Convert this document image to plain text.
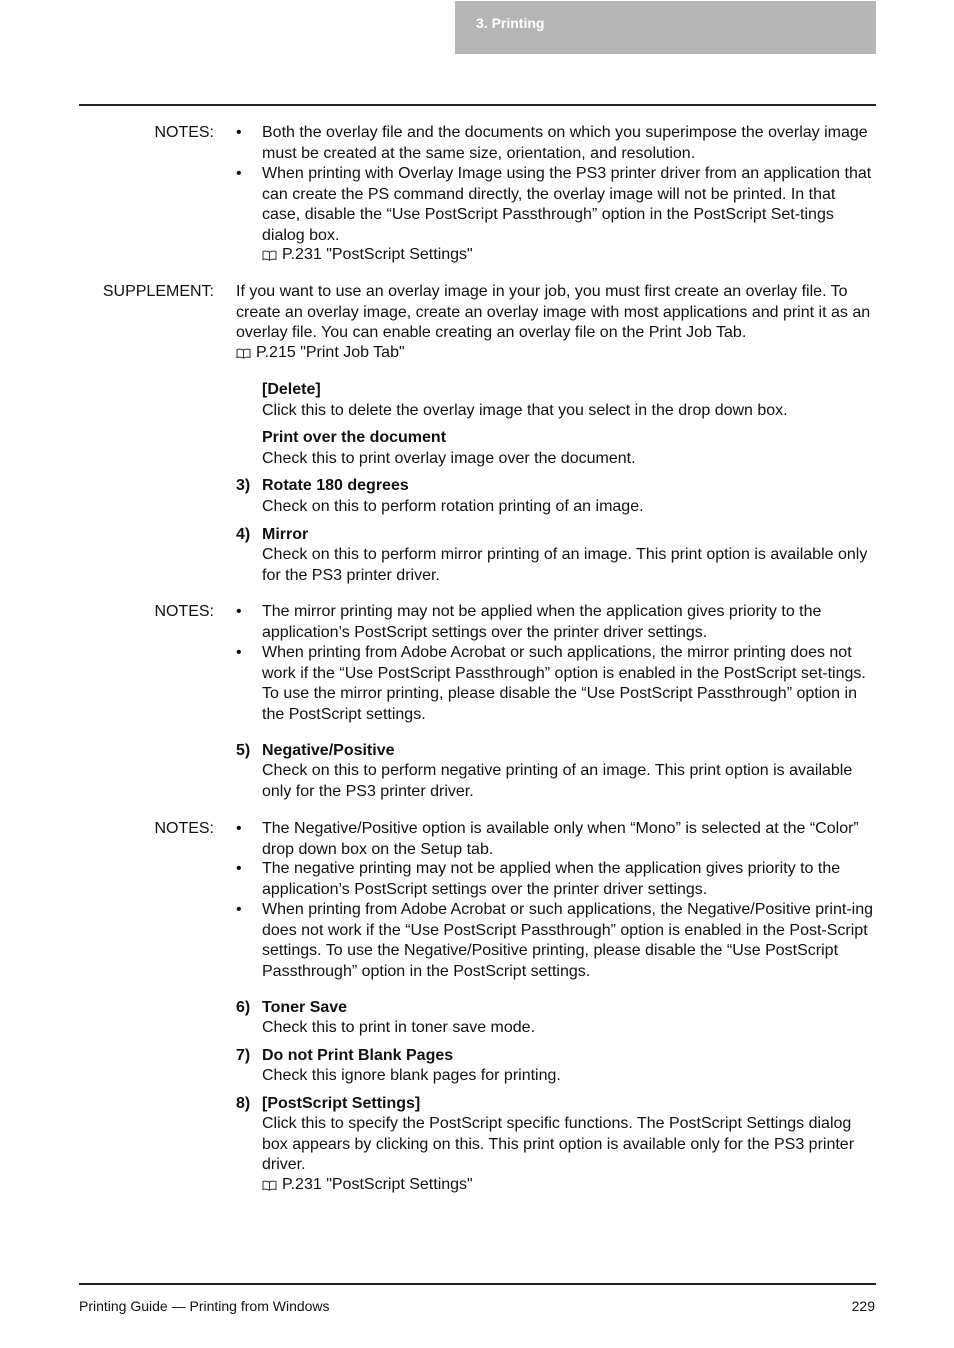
3. Printing
NOTES: • Both the overlay file and the documents on which you superimpose the overlay image must be created at the same size, orientation, and resolution.
• When printing with Overlay Image using the PS3 printer driver from an application that can create the PS command directly, the overlay image will not be printed. In that case, disable the “Use PostScript Passthrough” option in the PostScript Set-tings dialog box.
P.231 "PostScript Settings"
SUPPLEMENT: If you want to use an overlay image in your job, you must first create an overlay file. To create an overlay image, create an overlay image with most applications and print it as an overlay file. You can enable creating an overlay file on the Print Job Tab.
P.215 "Print Job Tab"
[Delete]
Click this to delete the overlay image that you select in the drop down box.
Print over the document
Check this to print overlay image over the document.
3) Rotate 180 degrees
Check on this to perform rotation printing of an image.
4) Mirror
Check on this to perform mirror printing of an image. This print option is available only for the PS3 printer driver.
NOTES: • The mirror printing may not be applied when the application gives priority to the application’s PostScript settings over the printer driver settings.
• When printing from Adobe Acrobat or such applications, the mirror printing does not work if the “Use PostScript Passthrough” option is enabled in the PostScript set-tings. To use the mirror printing, please disable the “Use PostScript Passthrough” option in the PostScript settings.
5) Negative/Positive
Check on this to perform negative printing of an image. This print option is available only for the PS3 printer driver.
NOTES: • The Negative/Positive option is available only when “Mono” is selected at the “Color” drop down box on the Setup tab.
• The negative printing may not be applied when the application gives priority to the application’s PostScript settings over the printer driver settings.
• When printing from Adobe Acrobat or such applications, the Negative/Positive print-ing does not work if the “Use PostScript Passthrough” option is enabled in the Post-Script settings. To use the Negative/Positive printing, please disable the “Use PostScript Passthrough” option in the PostScript settings.
6) Toner Save
Check this to print in toner save mode.
7) Do not Print Blank Pages
Check this ignore blank pages for printing.
8) [PostScript Settings]
Click this to specify the PostScript specific functions. The PostScript Settings dialog box appears by clicking on this. This print option is available only for the PS3 printer driver.
P.231 "PostScript Settings"
Printing Guide — Printing from Windows	229
